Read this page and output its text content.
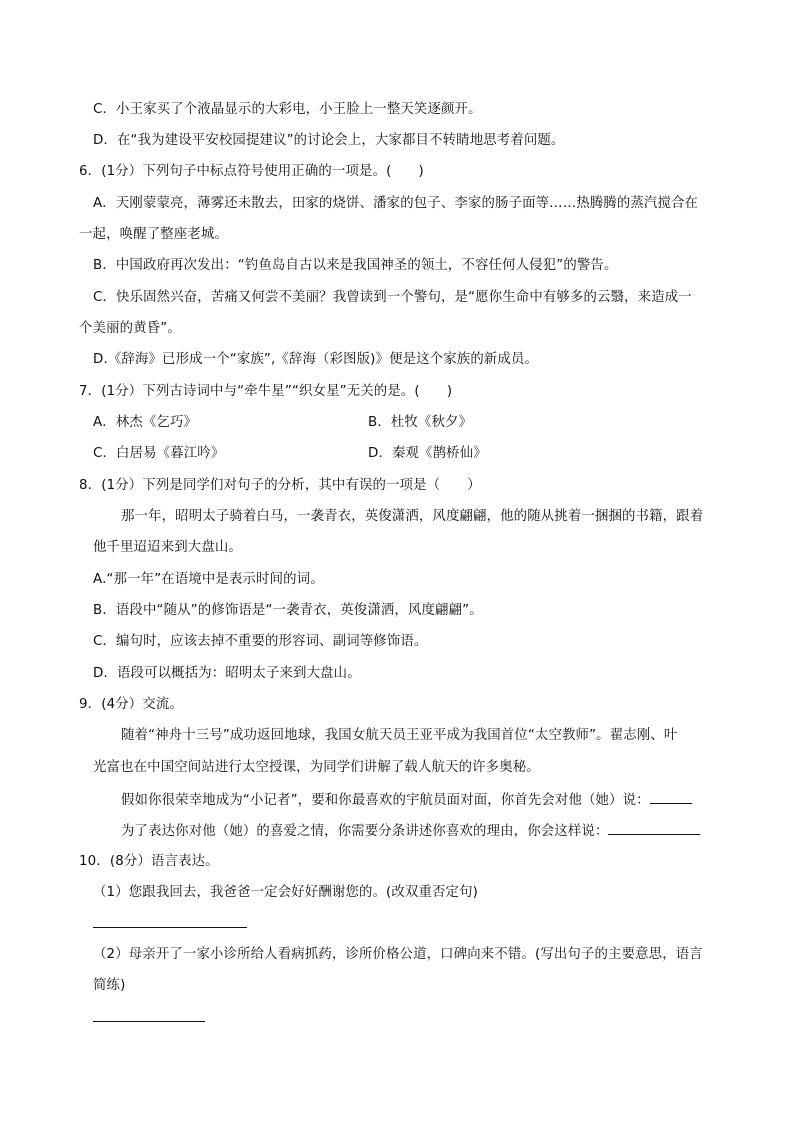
C．小王家买了个液晶显示的大彩电，小王脸上一整天笑逐颜开。
D．在“我为建设平安校园提建议”的讨论会上，大家都目不转睛地思考着问题。
6．(1分）下列句子中标点符号使用正确的一项是。(　　)
A．天刚蒙蒙亮，薄雾还未散去，田家的烧饼、潘家的包子、李家的肠子面等……热腾腾的蒸汽搅合在
一起，唤醒了整座老城。
B．中国政府再次发出：“钓鱼岛自古以来是我国神圣的领土，不容任何人侵犯”的警告。
C．快乐固然兴奋，苦痛又何尝不美丽？我曾读到一个警句，是“愿你生命中有够多的云翳，来造成一
个美丽的黄昏”。
D.《辞海》已形成一个“家族”,《辞海（彩图版)》便是这个家族的新成员。
7．(1分）下列古诗词中与“牵牛星”“织女星”无关的是。(　　)
A．林杰《乞巧》	B．杜牧《秋夕》
C．白居易《暮江吟》	D．秦观《鹊桥仙》
8．(1分）下列是同学们对句子的分析，其中有误的一项是（　　）
那一年，昭明太子骑着白马，一袭青衣，英俊潇洒，风度翩翩，他的随从挑着一捆捆的书籍，跟着
他千里迢迢来到大盘山。
A.“那一年”在语境中是表示时间的词。
B．语段中“随从”的修饰语是“一袭青衣，英俊潇洒，风度翩翩”。
C．编句时，应该去掉不重要的形容词、副词等修饰语。
D．语段可以概括为：昭明太子来到大盘山。
9．(4分）交流。
随着“神舟十三号”成功返回地球，我国女航天员王亚平成为我国首位“太空教师”。翟志刚、叶
光富也在中国空间站进行太空授课，为同学们讲解了载人航天的许多奥秘。
假如你很荣幸地成为“小记者”，要和你最喜欢的宇航员面对面，你首先会对他（她）说：
为了表达你对他（她）的喜爱之情，你需要分条讲述你喜欢的理由，你会这样说：
10．(8分）语言表达。
（1）您跟我回去，我爸爸一定会好好酬谢您的。(改双重否定句)
（2）母亲开了一家小诊所给人看病抓药，诊所价格公道，口碑向来不错。(写出句子的主要意思，语言
简练)
